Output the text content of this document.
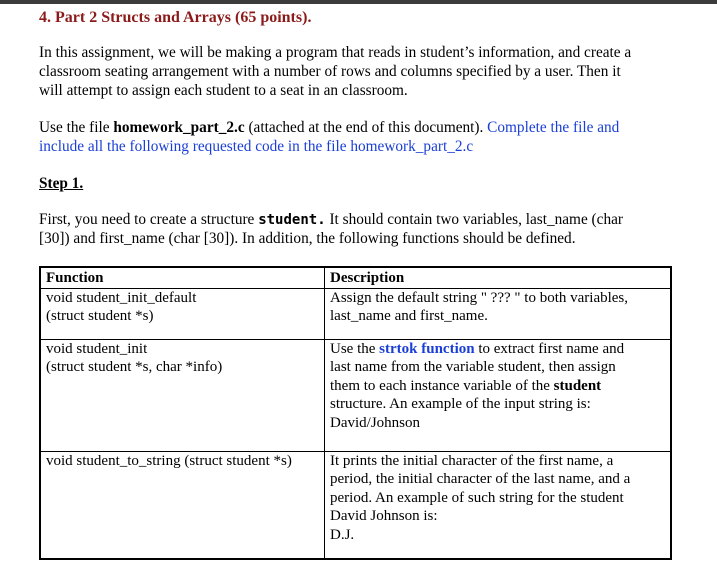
4. Part 2 Structs and Arrays (65 points).

In this assignment, we will be making a program that reads in student’s information, and create a
classroom seating arrangement with a number of rows and columns specified by a user. Then it
will attempt to assign each student to a seat in an classroom.

Use the file homework_part_2.c (attached at the end of this document). Complete the file and
include all the following requested code in the file homework_part_2.c

Step 1.

First, you need to create a structure student. It should contain two variables, last_name (char
[30]) and first_name (char [30]). In addition, the following functions should be defined.

Function	Description
void student_init_default
(struct student *s)	Assign the default string " ??? " to both variables,
last_name and first_name.
void student_init
(struct student *s, char *info)	Use the strtok function to extract first name and
last name from the variable student, then assign
them to each instance variable of the student
structure. An example of the input string is:
David/Johnson
void student_to_string (struct student *s)	It prints the initial character of the first name, a
period, the initial character of the last name, and a
period. An example of such string for the student
David Johnson is:
D.J.
